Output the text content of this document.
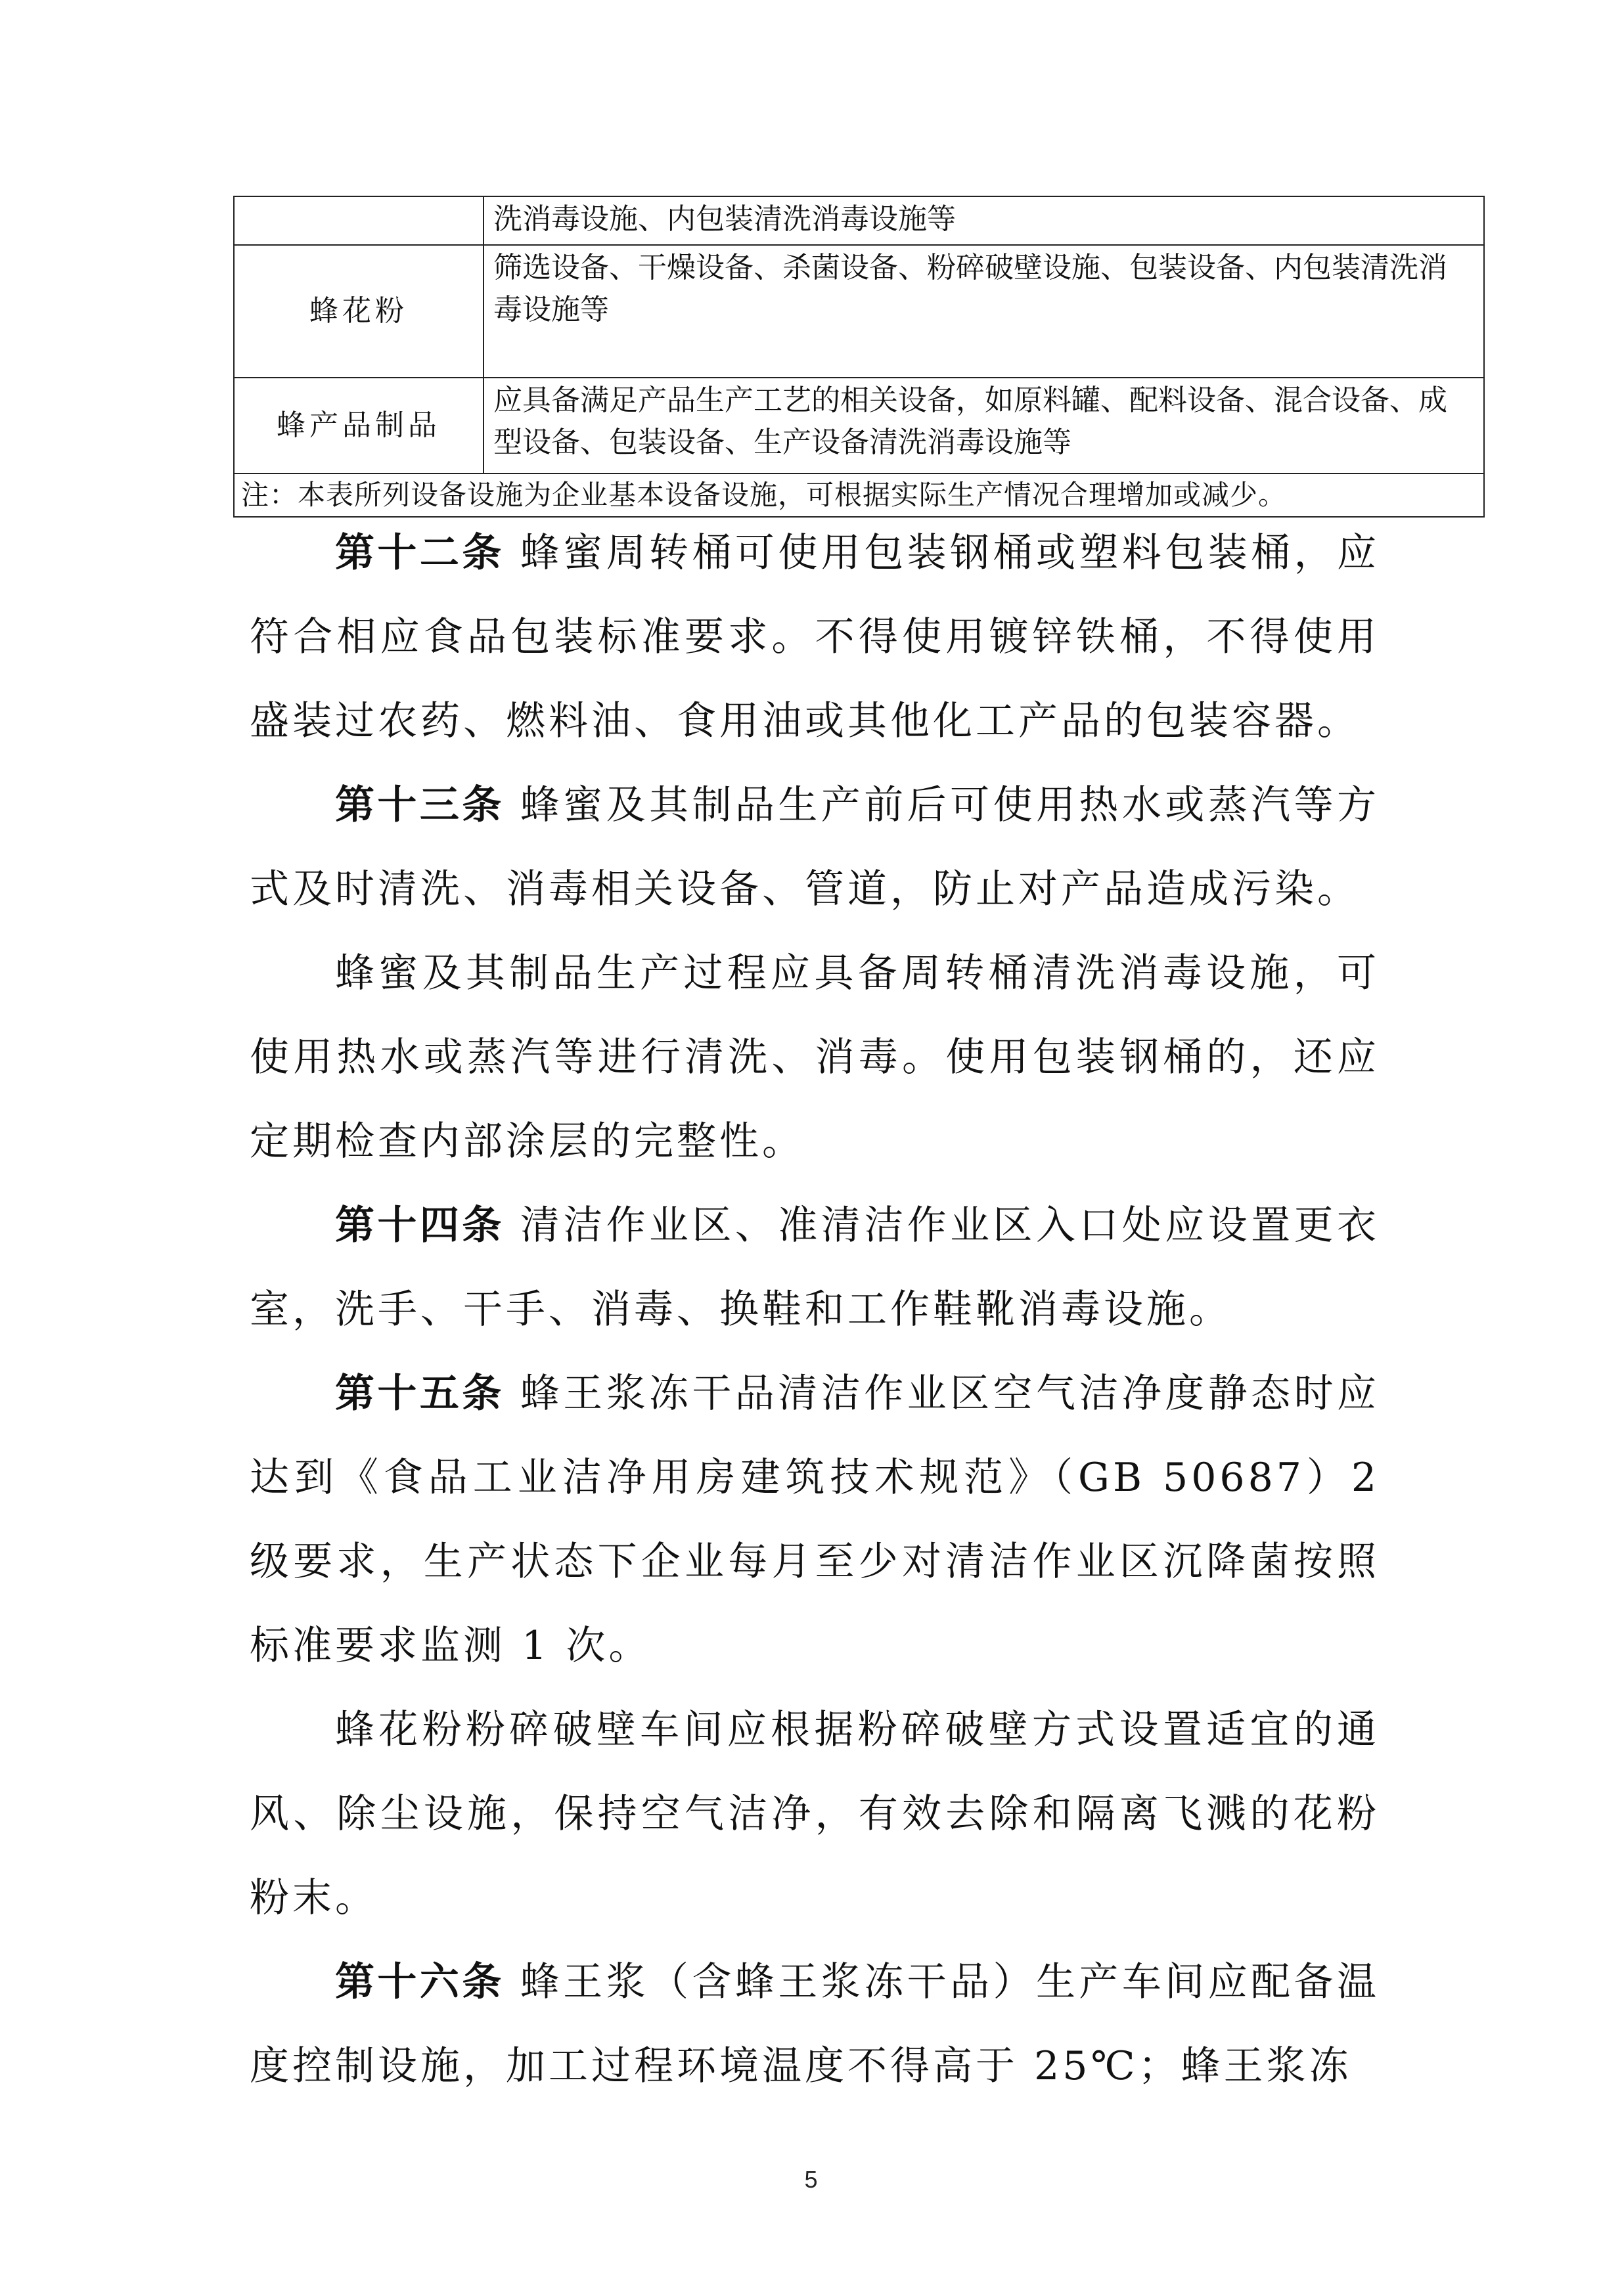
	洗消毒设施、内包装清洗消毒设施等
蜂花粉	筛选设备、干燥设备、杀菌设备、粉碎破壁设施、包装设备、内包装清洗消毒设施等
蜂产品制品	应具备满足产品生产工艺的相关设备，如原料罐、配料设备、混合设备、成型设备、包装设备、生产设备清洗消毒设施等
注：本表所列设备设施为企业基本设备设施，可根据实际生产情况合理增加或减少。	

第十二条 蜂蜜周转桶可使用包装钢桶或塑料包装桶，应符合相应食品包装标准要求。不得使用镀锌铁桶，不得使用盛装过农药、燃料油、食用油或其他化工产品的包装容器。

第十三条 蜂蜜及其制品生产前后可使用热水或蒸汽等方式及时清洗、消毒相关设备、管道，防止对产品造成污染。

蜂蜜及其制品生产过程应具备周转桶清洗消毒设施，可使用热水或蒸汽等进行清洗、消毒。使用包装钢桶的，还应定期检查内部涂层的完整性。

第十四条 清洁作业区、准清洁作业区入口处应设置更衣室，洗手、干手、消毒、换鞋和工作鞋靴消毒设施。

第十五条 蜂王浆冻干品清洁作业区空气洁净度静态时应达到《食品工业洁净用房建筑技术规范》（GB 50687）2级要求，生产状态下企业每月至少对清洁作业区沉降菌按照标准要求监测 1 次。

蜂花粉粉碎破壁车间应根据粉碎破壁方式设置适宜的通风、除尘设施，保持空气洁净，有效去除和隔离飞溅的花粉粉末。

第十六条 蜂王浆（含蜂王浆冻干品）生产车间应配备温度控制设施，加工过程环境温度不得高于 25℃；蜂王浆冻

5
